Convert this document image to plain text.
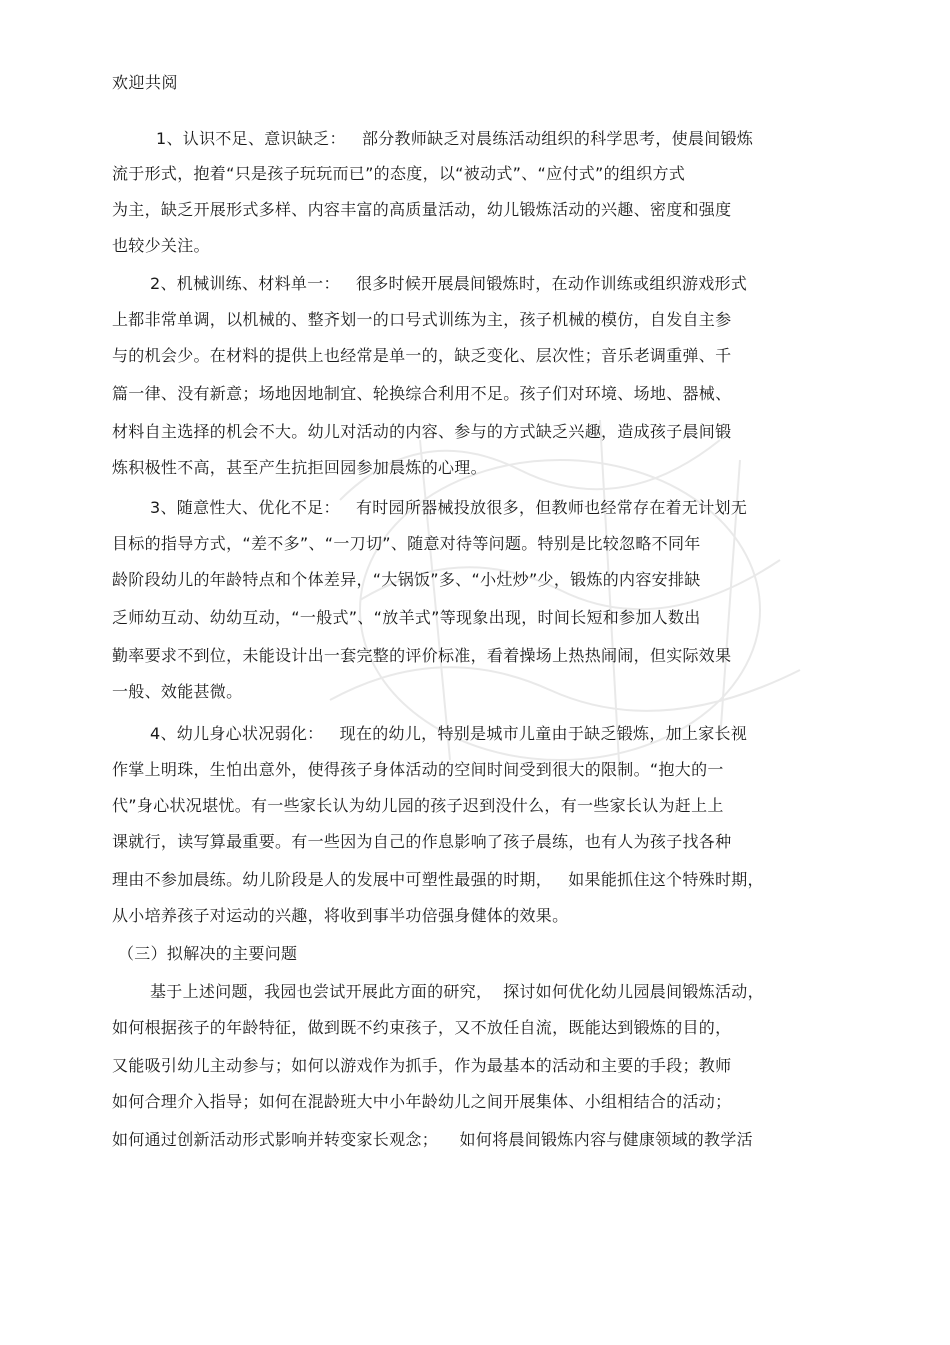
欢迎共阅
1、认识不足、意识缺乏：   部分教师缺乏对晨练活动组织的科学思考，使晨间锻炼
流于形式，抱着“只是孩子玩玩而已”的态度，以“被动式”、“应付式”的组织方式
为主，缺乏开展形式多样、内容丰富的高质量活动，幼儿锻炼活动的兴趣、密度和强度
也较少关注。
2、机械训练、材料单一：   很多时候开展晨间锻炼时，在动作训练或组织游戏形式
上都非常单调，以机械的、整齐划一的口号式训练为主，孩子机械的模仿，自发自主参
与的机会少。在材料的提供上也经常是单一的，缺乏变化、层次性；音乐老调重弹、千
篇一律、没有新意；场地因地制宜、轮换综合利用不足。孩子们对环境、场地、器械、
材料自主选择的机会不大。幼儿对活动的内容、参与的方式缺乏兴趣，造成孩子晨间锻
炼积极性不高，甚至产生抗拒回园参加晨炼的心理。
3、随意性大、优化不足：   有时园所器械投放很多，但教师也经常存在着无计划无
目标的指导方式，“差不多”、“一刀切”、随意对待等问题。特别是比较忽略不同年
龄阶段幼儿的年龄特点和个体差异，“大锅饭”多、“小灶炒”少，锻炼的内容安排缺
乏师幼互动、幼幼互动，“一般式”、“放羊式”等现象出现，时间长短和参加人数出
勤率要求不到位，未能设计出一套完整的评价标准，看着操场上热热闹闹，但实际效果
一般、效能甚微。
4、幼儿身心状况弱化：   现在的幼儿，特别是城市儿童由于缺乏锻炼，加上家长视
作掌上明珠，生怕出意外，使得孩子身体活动的空间时间受到很大的限制。“抱大的一
代”身心状况堪忧。有一些家长认为幼儿园的孩子迟到没什么，有一些家长认为赶上上
课就行，读写算最重要。有一些因为自己的作息影响了孩子晨练，也有人为孩子找各种
理由不参加晨练。幼儿阶段是人的发展中可塑性最强的时期，   如果能抓住这个特殊时期，
从小培养孩子对运动的兴趣，将收到事半功倍强身健体的效果。
（三）拟解决的主要问题
基于上述问题，我园也尝试开展此方面的研究，  探讨如何优化幼儿园晨间锻炼活动，
如何根据孩子的年龄特征，做到既不约束孩子，又不放任自流，既能达到锻炼的目的，
又能吸引幼儿主动参与；如何以游戏作为抓手，作为最基本的活动和主要的手段；教师
如何合理介入指导；如何在混龄班大中小年龄幼儿之间开展集体、小组相结合的活动；
如何通过创新活动形式影响并转变家长观念；    如何将晨间锻炼内容与健康领域的教学活
